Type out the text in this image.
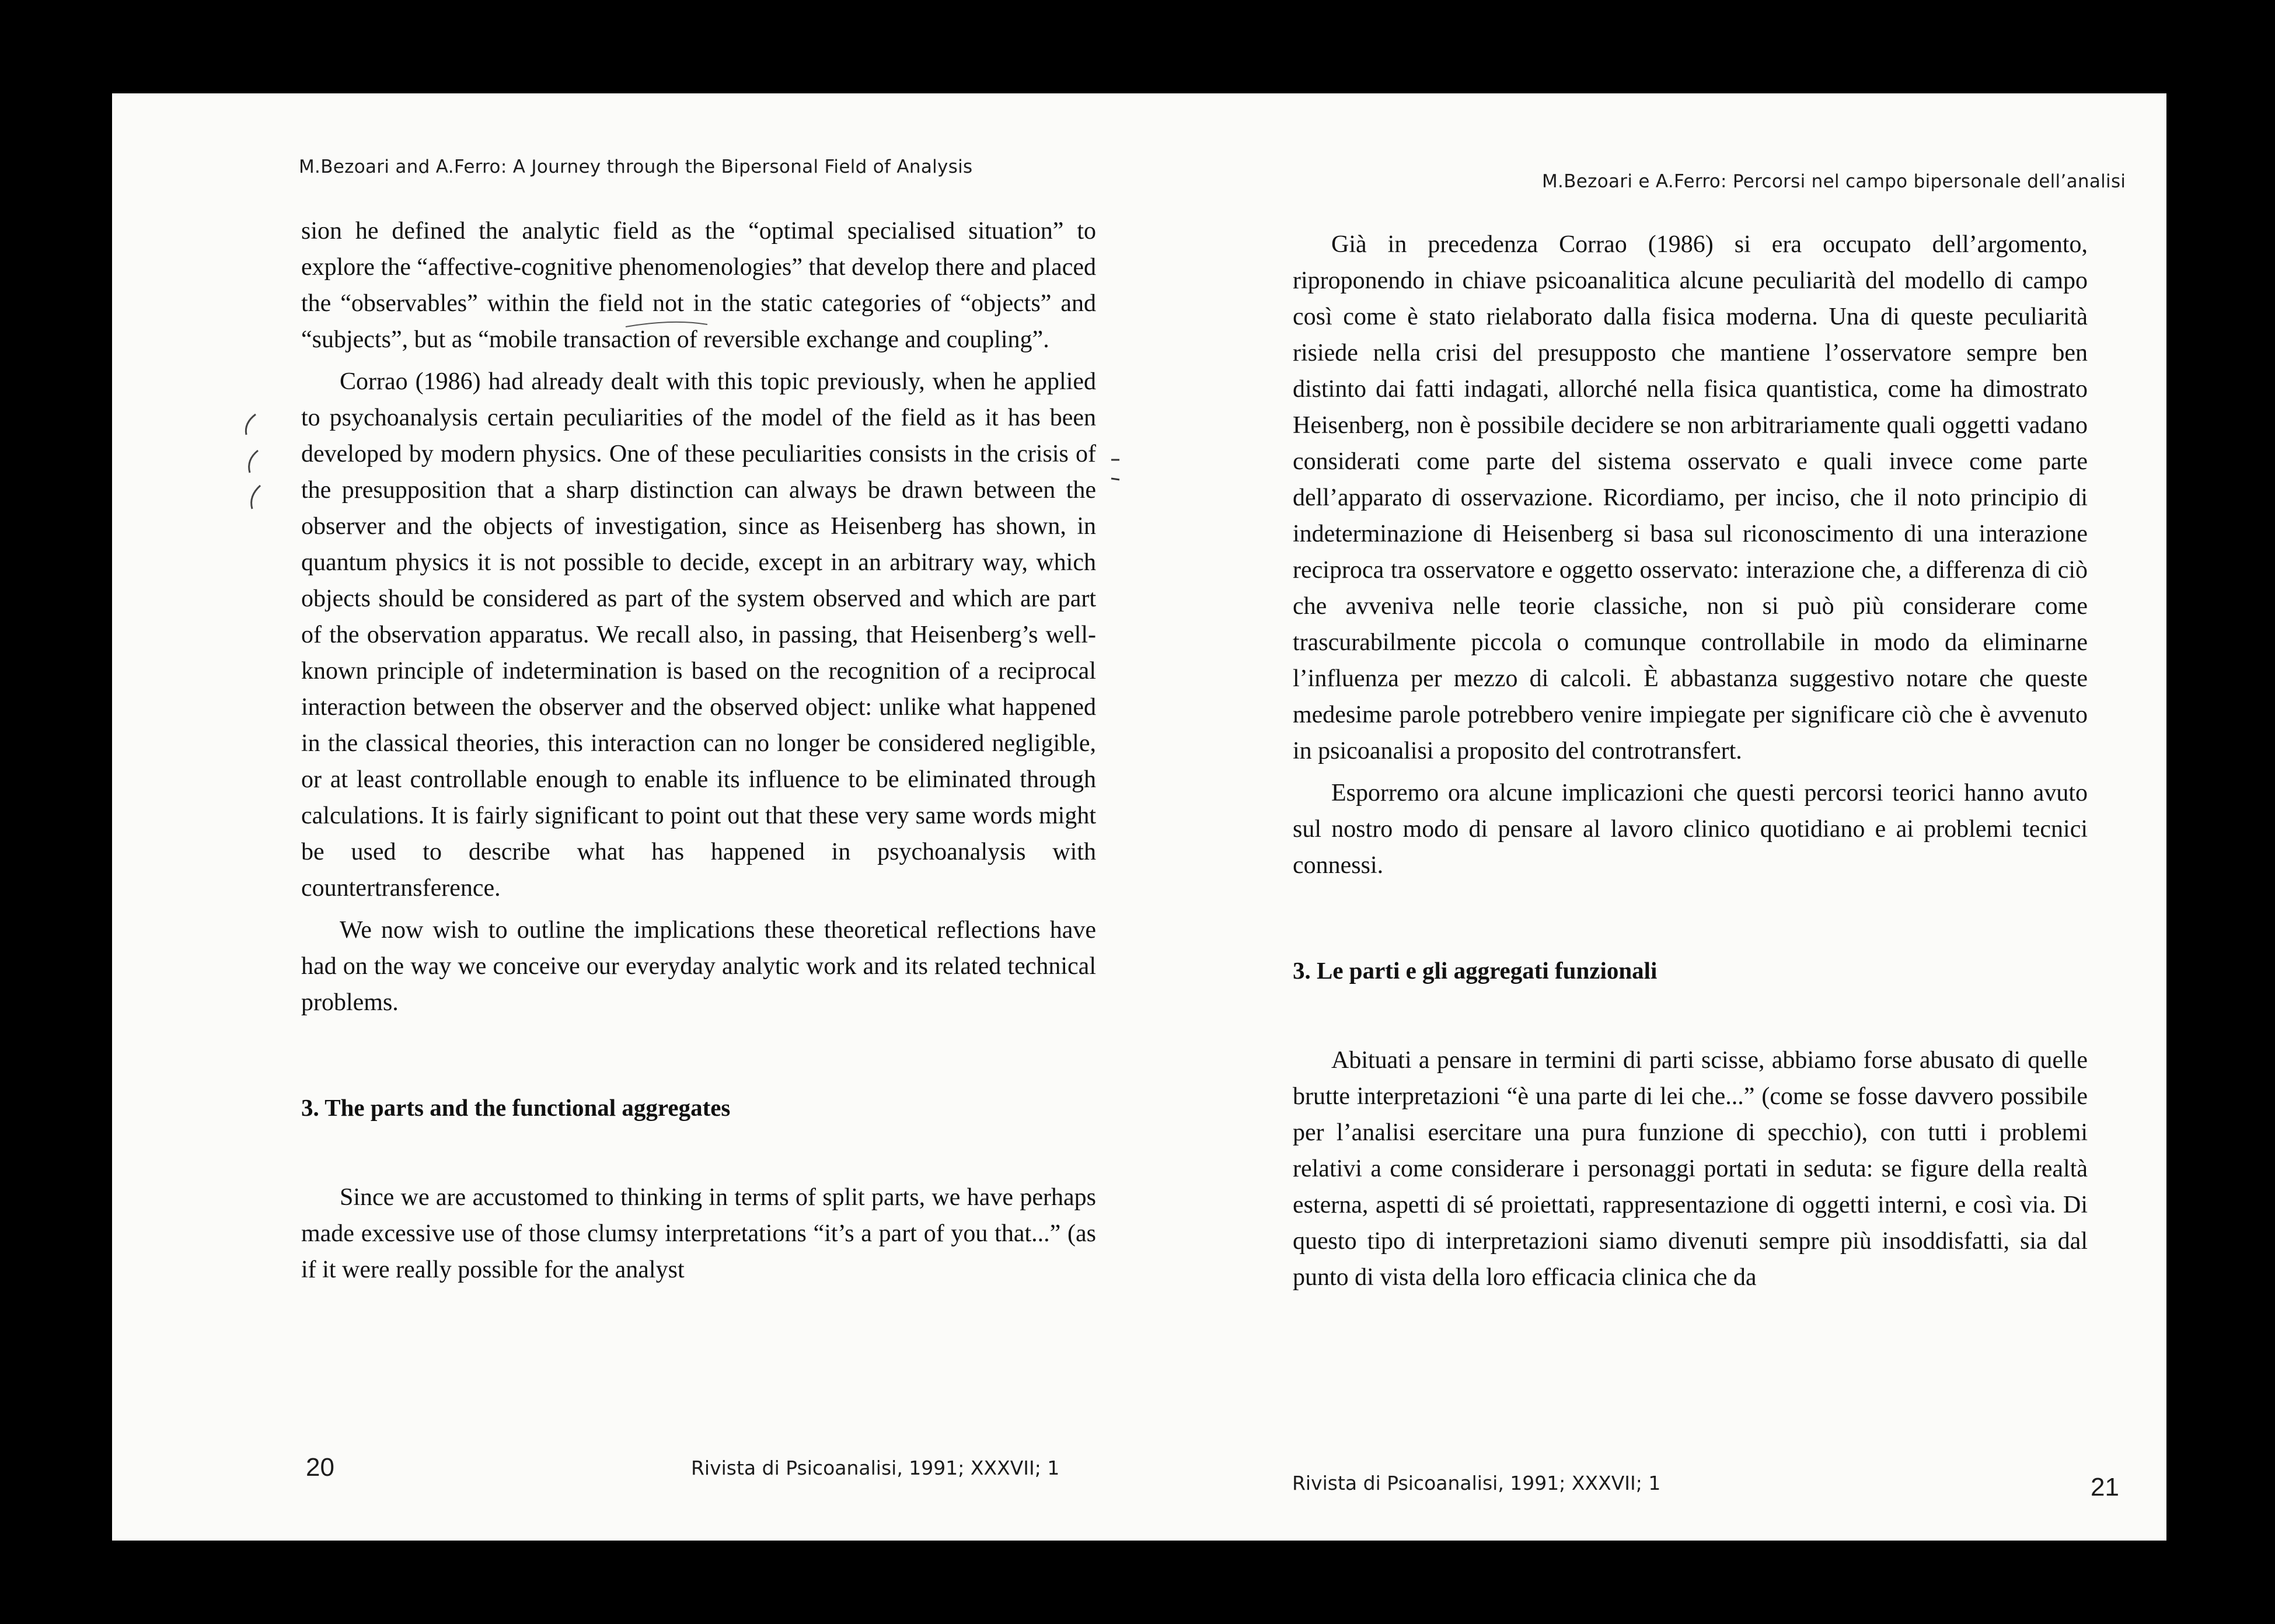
M.Bezoari and A.Ferro: A Journey through the Bipersonal Field of Analysis

sion he defined the analytic field as the “optimal specialised situation” to explore the “affective-cognitive phenomenologies” that develop there and placed the “observables” within the field not in the static categories of “objects” and “subjects”, but as “mobile transaction of reversible exchange and coupling”.

Corrao (1986) had already dealt with this topic previously, when he applied to psychoanalysis certain peculiarities of the model of the field as it has been developed by modern physics. One of these peculiarities consists in the crisis of the presupposition that a sharp distinction can always be drawn between the observer and the objects of investigation, since as Heisenberg has shown, in quantum physics it is not possible to decide, except in an arbitrary way, which objects should be considered as part of the system observed and which are part of the observation apparatus. We recall also, in passing, that Heisenberg’s well-known principle of indetermination is based on the recognition of a reciprocal interaction between the observer and the observed object: unlike what happened in the classical theories, this interaction can no longer be considered negligible, or at least controllable enough to enable its influence to be eliminated through calculations. It is fairly significant to point out that these very same words might be used to describe what has happened in psychoanalysis with countertransference.

We now wish to outline the implications these theoretical reflections have had on the way we conceive our everyday analytic work and its related technical problems.

3. The parts and the functional aggregates

Since we are accustomed to thinking in terms of split parts, we have perhaps made excessive use of those clumsy interpretations “it’s a part of you that...” (as if it were really possible for the analyst

20	Rivista di Psicoanalisi, 1991; XXXVII; 1
M.Bezoari e A.Ferro: Percorsi nel campo bipersonale dell’analisi

Già in precedenza Corrao (1986) si era occupato dell’argomento, riproponendo in chiave psicoanalitica alcune peculiarità del modello di campo così come è stato rielaborato dalla fisica moderna. Una di queste peculiarità risiede nella crisi del presupposto che mantiene l’osservatore sempre ben distinto dai fatti indagati, allorché nella fisica quantistica, come ha dimostrato Heisenberg, non è possibile decidere se non arbitrariamente quali oggetti vadano considerati come parte del sistema osservato e quali invece come parte dell’apparato di osservazione. Ricordiamo, per inciso, che il noto principio di indeterminazione di Heisenberg si basa sul riconoscimento di una interazione reciproca tra osservatore e oggetto osservato: interazione che, a differenza di ciò che avveniva nelle teorie classiche, non si può più considerare come trascurabilmente piccola o comunque controllabile in modo da eliminarne l’influenza per mezzo di calcoli. È abbastanza suggestivo notare che queste medesime parole potrebbero venire impiegate per significare ciò che è avvenuto in psicoanalisi a proposito del controtransfert.

Esporremo ora alcune implicazioni che questi percorsi teorici hanno avuto sul nostro modo di pensare al lavoro clinico quotidiano e ai problemi tecnici connessi.

3. Le parti e gli aggregati funzionali

Abituati a pensare in termini di parti scisse, abbiamo forse abusato di quelle brutte interpretazioni “è una parte di lei che...” (come se fosse davvero possibile per l’analisi esercitare una pura funzione di specchio), con tutti i problemi relativi a come considerare i personaggi portati in seduta: se figure della realtà esterna, aspetti di sé proiettati, rappresentazione di oggetti interni, e così via. Di questo tipo di interpretazioni siamo divenuti sempre più insoddisfatti, sia dal punto di vista della loro efficacia clinica che da

Rivista di Psicoanalisi, 1991; XXXVII; 1	21
